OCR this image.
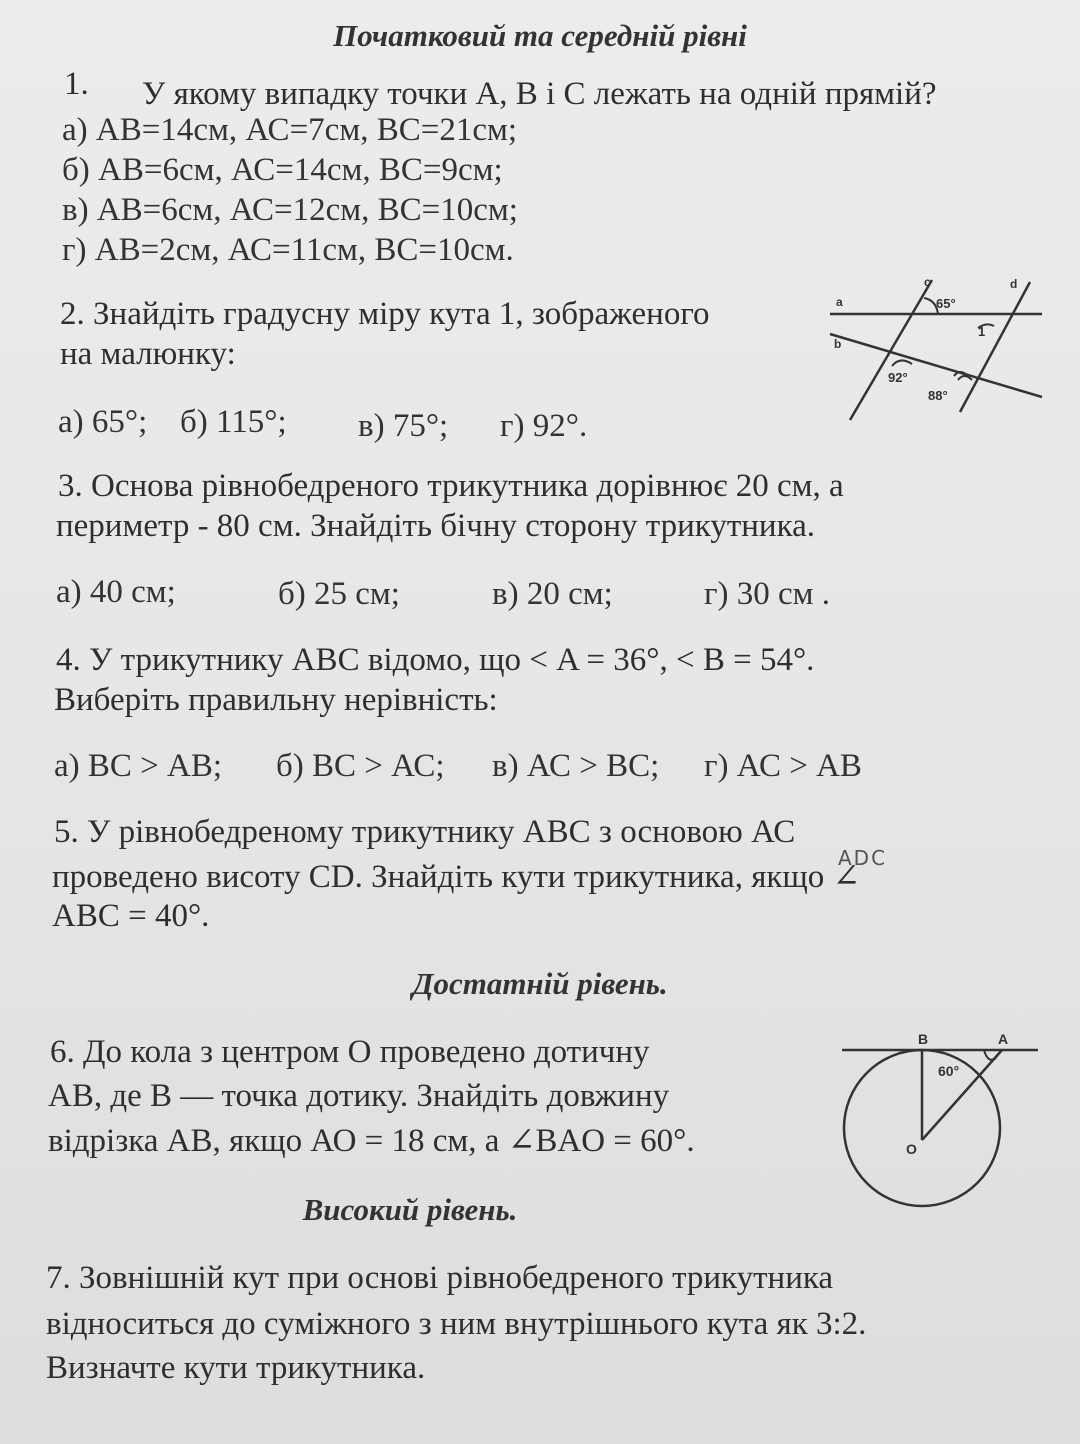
Початковий та середній рівні
1. У якому випадку точки А, В і С лежать на одній прямій?
а) АВ=14см, АС=7см, ВС=21см;
б) АВ=6см, АС=14см, ВС=9см;
в) АВ=6см, АС=12см, ВС=10см;
г) АВ=2см, АС=11см, ВС=10см.
2. Знайдіть градусну міру кута 1, зображеного
на малюнку:
а) 65°; б) 115°; в) 75°; г) 92°.
a
b
c	d
65°
1
92°
88°
3. Основа рівнобедреного трикутника дорівнює 20 см, а
периметр - 80 см. Знайдіть бічну сторону трикутника.
а) 40 см;	б) 25 см;	в) 20 см;	г) 30 см .
4. У трикутнику АВС відомо, що < A = 36°, < B = 54°.
Виберіть правильну нерівність:
а) ВС > АВ; б) ВС > АС; в) АС > ВС; г) АС > АВ
5. У рівнобедреному трикутнику АВС з основою АС
АDС
проведено висоту СD. Знайдіть кути трикутника, якщо ∠
АВС = 40°.
Достатній рівень.
6. До кола з центром O проведено дотичну
AB, де В — точка дотику. Знайдіть довжину
відрізка АВ, якщо АО = 18 см, а ∠BAO = 60°.
B	A
O
60°
Високий рівень.
7. Зовнішній кут при основі рівнобедреного трикутника
відноситься до суміжного з ним внутрішнього кута як 3:2.
Визначте кути трикутника.
